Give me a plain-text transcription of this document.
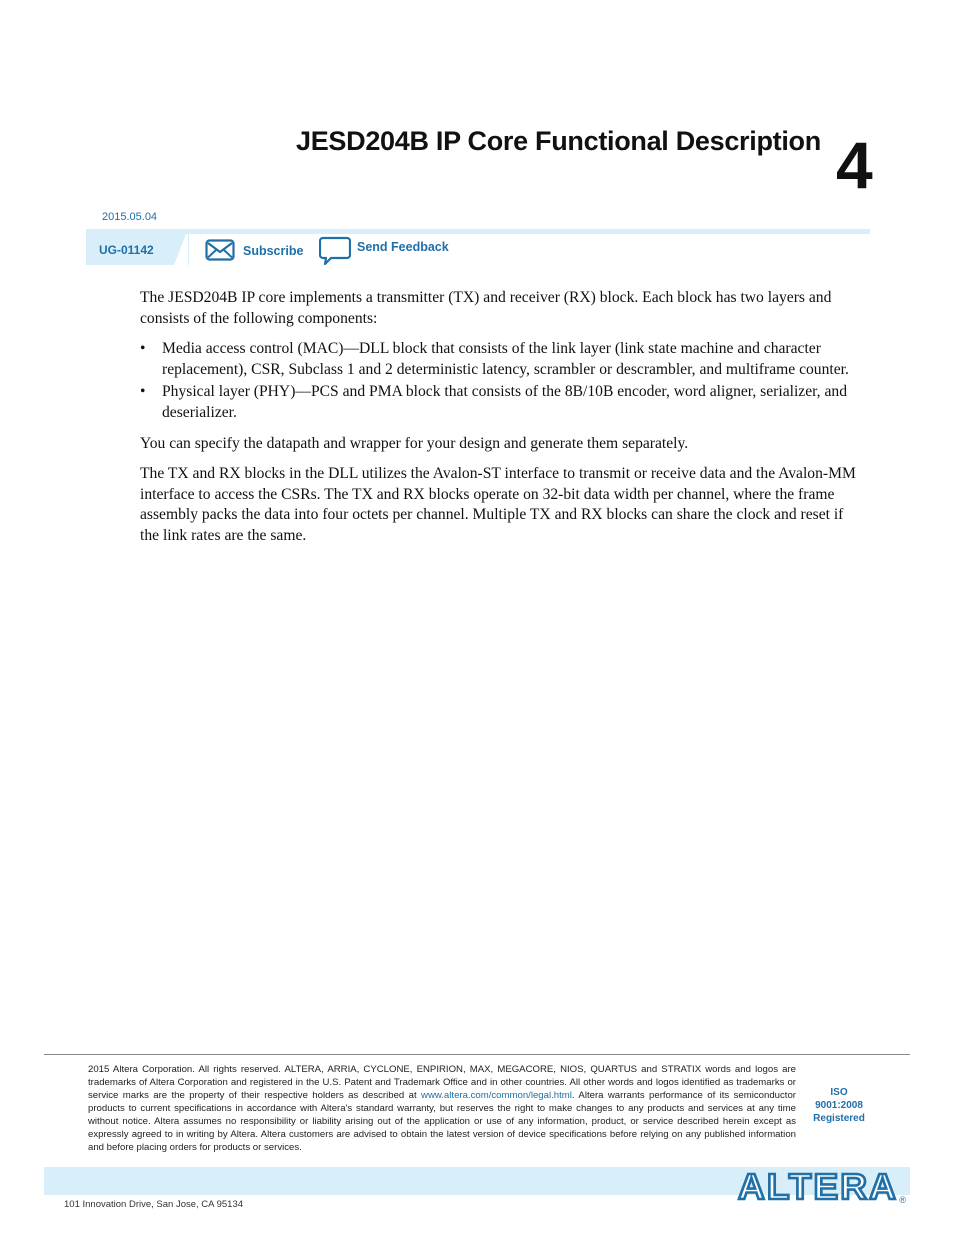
JESD204B IP Core Functional Description 4
2015.05.04
UG-01142	Subscribe	Send Feedback

The JESD204B IP core implements a transmitter (TX) and receiver (RX) block. Each block has two layers and consists of the following components:

• Media access control (MAC)—DLL block that consists of the link layer (link state machine and character replacement), CSR, Subclass 1 and 2 deterministic latency, scrambler or descrambler, and multiframe counter.
• Physical layer (PHY)—PCS and PMA block that consists of the 8B/10B encoder, word aligner, serializer, and deserializer.

You can specify the datapath and wrapper for your design and generate them separately.

The TX and RX blocks in the DLL utilizes the Avalon-ST interface to transmit or receive data and the Avalon-MM interface to access the CSRs. The TX and RX blocks operate on 32-bit data width per channel, where the frame assembly packs the data into four octets per channel. Multiple TX and RX blocks can share the clock and reset if the link rates are the same.

2015 Altera Corporation. All rights reserved. ALTERA, ARRIA, CYCLONE, ENPIRION, MAX, MEGACORE, NIOS, QUARTUS and STRATIX words and logos are trademarks of Altera Corporation and registered in the U.S. Patent and Trademark Office and in other countries. All other words and logos identified as trademarks or service marks are the property of their respective holders as described at www.altera.com/common/legal.html. Altera warrants performance of its semiconductor products to current specifications in accordance with Altera's standard warranty, but reserves the right to make changes to any products and services at any time without notice. Altera assumes no responsibility or liability arising out of the application or use of any information, product, or service described herein except as expressly agreed to in writing by Altera. Altera customers are advised to obtain the latest version of device specifications before relying on any published information and before placing orders for products or services.
ISO
9001:2008
Registered
101 Innovation Drive, San Jose, CA 95134	ALTERA ®
